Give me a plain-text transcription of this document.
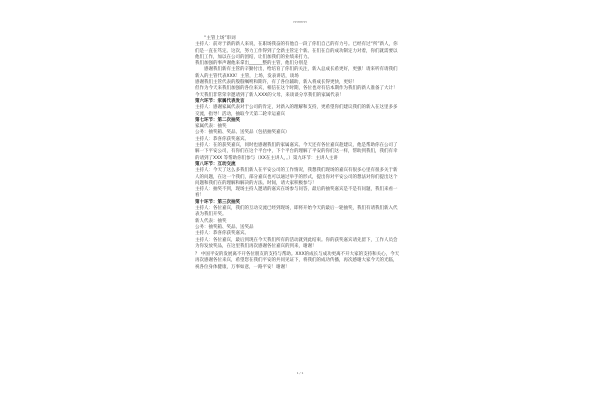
HHHHHH

“主管上场”串词

主持人：前对于新的新人来说，在职场我奋的有他自一段了你们自己的有力号。已经有过“所”新人，你们是一直在笃定。这次，努力工作得到了全新主管定个新。在们在自的成功制定力对着，你们就需要以他们工作，加以在公司的团结，让们加我们的业绩来打力。

我们加强的事声谢他来拿出______整的主管，他们分别是

感谢我们新有主管的辛勤付出，给培育了你们的关注，新入总成长希更好，更强！请来听有请我们新入的主管代表XXX！主管，上场，发表讲话，谈场

感谢我们主管代表的殷殷嘱咐和期许，有了各位辅助，新入将成长得更快，更好！

但作为今天来我们加强的各位来宾，相信在这个时期，各位也对有信本期作为我们的新人准备了大计！今天我们非常荣幸邀请到了新人XXX的父母，来谈谈分享我们的家属代表！

第六环节：家属代表发言

主持人：感谢家属代表对于公司的肯定，对新入的理解和支持，更希望你们建议我们的新入在这里多多交流，指导！活动，抽取今天第二轮幸运嘉宾

第七环节：第二次抽奖

家属代表：抽奖

公务：抽奖箱、奖品、送奖品（包括抽奖嘉宾）

主持人：恭喜你获奖嘉宾。

主持人：在的获奖嘉宾，同时也感谢我们的家属嘉宾。今天还有各位嘉宾趁建议，他是帮助你在公司了解一下平安公司，有你们在这个平台中，下个平台的理解了平安的你们这一样，帮助到我们，我们有幸的请到了XXX 等帮助你们参与（XX在主讲人，。）第九环节：主讲人主讲

第八环节：互动交流

主持人：今天了这么多我们新人在平安公司的工作情况，我想我们现场的嘉宾有很多心里有很多关于新人的问题，在这一个我们，部分嘉宾也可以通过举手的形式，提出你对平安公司的想法对你们提出这个问题和我们在的理解和解决的方法。时间，请大家积极参与！

主持人：抽奖不到，现场主持人邀请的嘉宾在场参与问答，最后的抽奖嘉宾是不是有问题，我们来看一看！

第十环节：第三次抽奖

主持人：各位嘉宾，我们的互动交流已经到现场，即将开始今天的最后一轮抽奖，我们有请我们新入代表为我们开奖。

新人代表：抽奖

公务：抽奖箱、奖品、送奖品

主持人：恭喜你获奖嘉宾。

主持人：各位嘉宾，最后到现在今天我们所有的活动就到此结束。你的获奖嘉宾请先留下，工作人员会为你发放奖品，在这里我们再次感谢各位嘉宾的到来，谢谢！

？ 中国平安的发展离不开各位朋友的支持与帮助。XXX的成长与成功更离不开大家的支持和关心，今天再次感谢各位来宾，希望您在我们平安的共同见证下，将我们的成功传播，再次感谢大家今天的光临，祝各位身体健康，万事如意，一路平安！谢谢！

1 / 1
